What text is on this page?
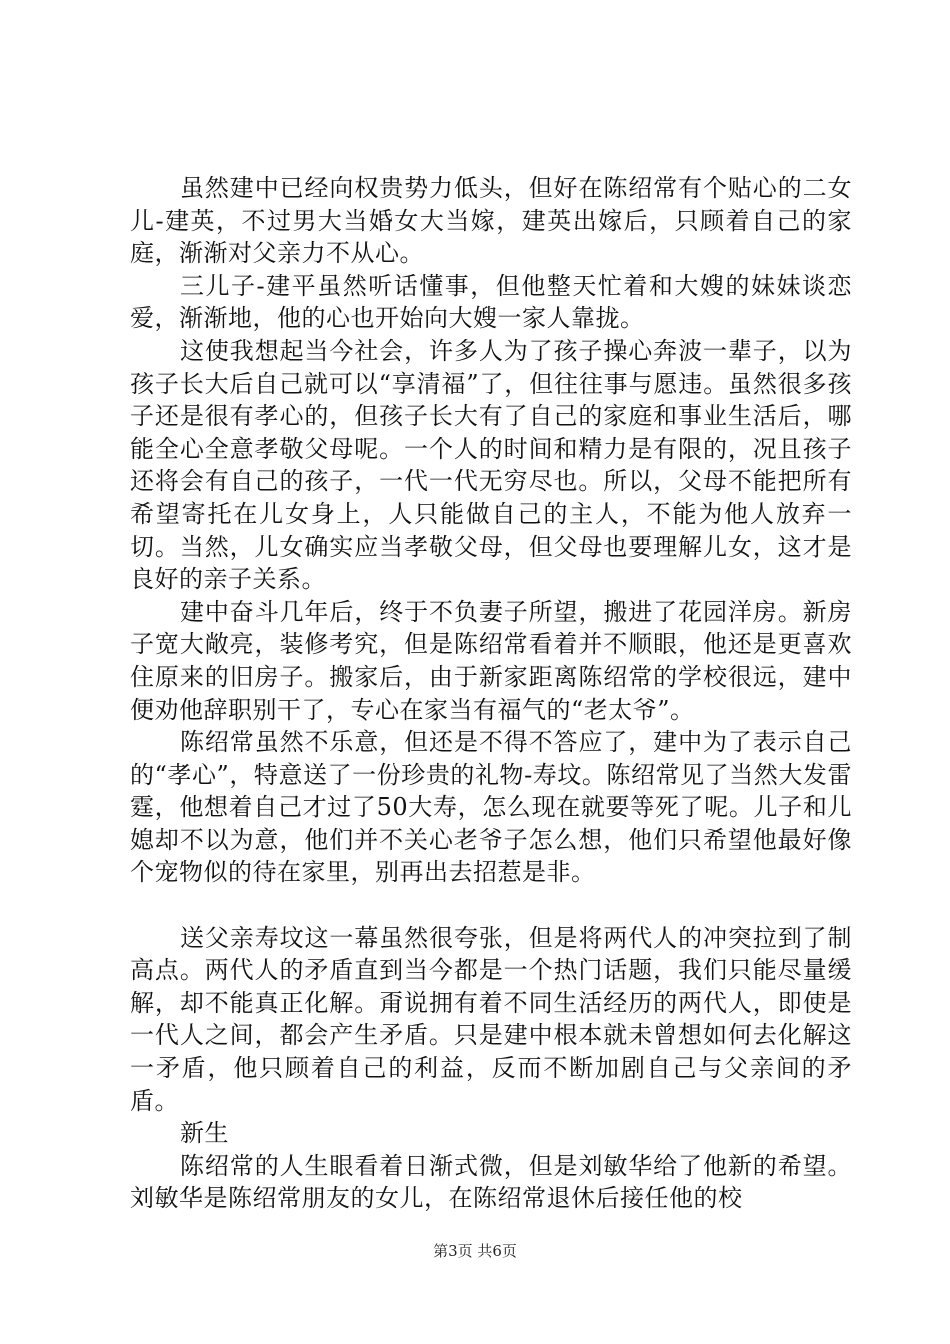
虽然建中已经向权贵势力低头，但好在陈绍常有个贴心的二女儿-建英，不过男大当婚女大当嫁，建英出嫁后，只顾着自己的家庭，渐渐对父亲力不从心。

三儿子-建平虽然听话懂事，但他整天忙着和大嫂的妹妹谈恋爱，渐渐地，他的心也开始向大嫂一家人靠拢。

这使我想起当今社会，许多人为了孩子操心奔波一辈子，以为孩子长大后自己就可以“享清福”了，但往往事与愿违。虽然很多孩子还是很有孝心的，但孩子长大有了自己的家庭和事业生活后，哪能全心全意孝敬父母呢。一个人的时间和精力是有限的，况且孩子还将会有自己的孩子，一代一代无穷尽也。所以，父母不能把所有希望寄托在儿女身上，人只能做自己的主人，不能为他人放弃一切。当然，儿女确实应当孝敬父母，但父母也要理解儿女，这才是良好的亲子关系。

建中奋斗几年后，终于不负妻子所望，搬进了花园洋房。新房子宽大敞亮，装修考究，但是陈绍常看着并不顺眼，他还是更喜欢住原来的旧房子。搬家后，由于新家距离陈绍常的学校很远，建中便劝他辞职别干了，专心在家当有福气的“老太爷”。

陈绍常虽然不乐意，但还是不得不答应了，建中为了表示自己的“孝心”，特意送了一份珍贵的礼物-寿坟。陈绍常见了当然大发雷霆，他想着自己才过了50大寿，怎么现在就要等死了呢。儿子和儿媳却不以为意，他们并不关心老爷子怎么想，他们只希望他最好像个宠物似的待在家里，别再出去招惹是非。

送父亲寿坟这一幕虽然很夸张，但是将两代人的冲突拉到了制高点。两代人的矛盾直到当今都是一个热门话题，我们只能尽量缓解，却不能真正化解。甭说拥有着不同生活经历的两代人，即使是一代人之间，都会产生矛盾。只是建中根本就未曾想如何去化解这一矛盾，他只顾着自己的利益，反而不断加剧自己与父亲间的矛盾。

新生

陈绍常的人生眼看着日渐式微，但是刘敏华给了他新的希望。刘敏华是陈绍常朋友的女儿，在陈绍常退休后接任他的校

第3页 共6页
